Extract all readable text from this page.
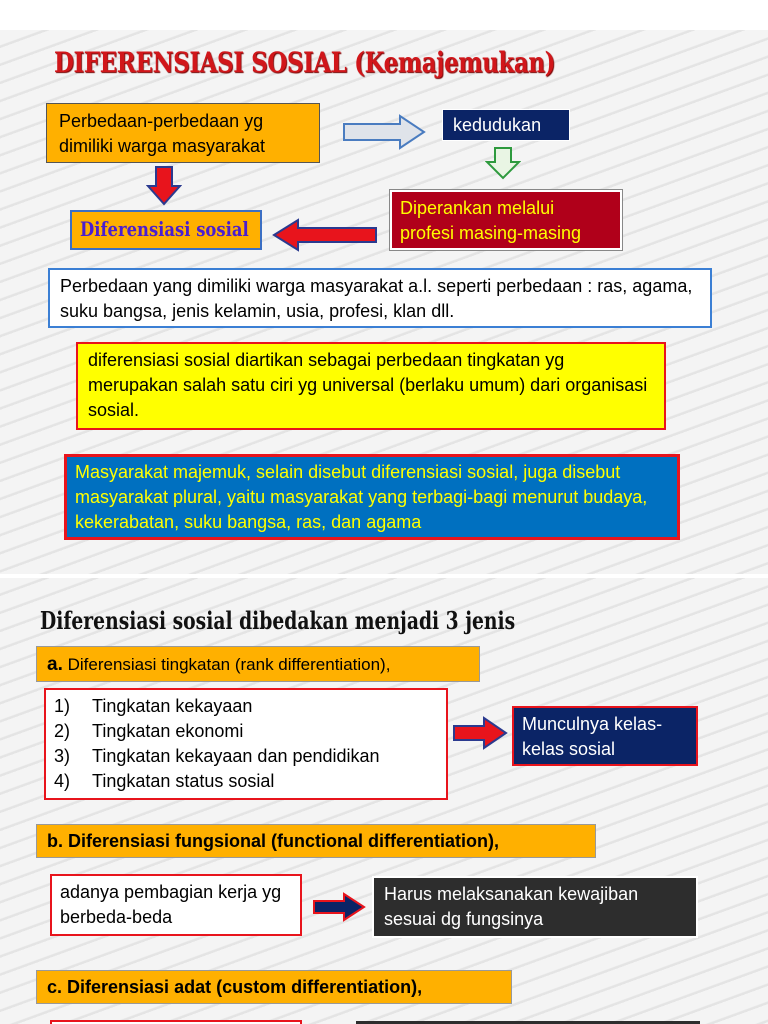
DIFERENSIASI SOSIAL (Kemajemukan)
Perbedaan-perbedaan yg dimiliki warga masyarakat
kedudukan
Diperankan melalui profesi masing-masing
Diferensiasi sosial
Perbedaan yang dimiliki warga masyarakat a.l. seperti perbedaan : ras, agama, suku bangsa, jenis kelamin, usia, profesi, klan dll.
diferensiasi sosial diartikan sebagai perbedaan tingkatan yg merupakan salah satu ciri yg universal (berlaku umum) dari organisasi sosial.
Masyarakat majemuk, selain disebut diferensiasi sosial, juga disebut masyarakat plural, yaitu masyarakat yang terbagi-bagi menurut budaya, kekerabatan, suku bangsa, ras, dan agama
Diferensiasi sosial dibedakan menjadi 3 jenis
a. Diferensiasi tingkatan (rank differentiation),
1)	Tingkatan kekayaan
2)	Tingkatan ekonomi
3)	Tingkatan kekayaan dan pendidikan
4)	Tingkatan status sosial
Munculnya kelas-kelas sosial
b. Diferensiasi fungsional (functional differentiation),
adanya pembagian kerja yg berbeda-beda
Harus melaksanakan kewajiban sesuai dg fungsinya
c. Diferensiasi adat (custom differentiation),
